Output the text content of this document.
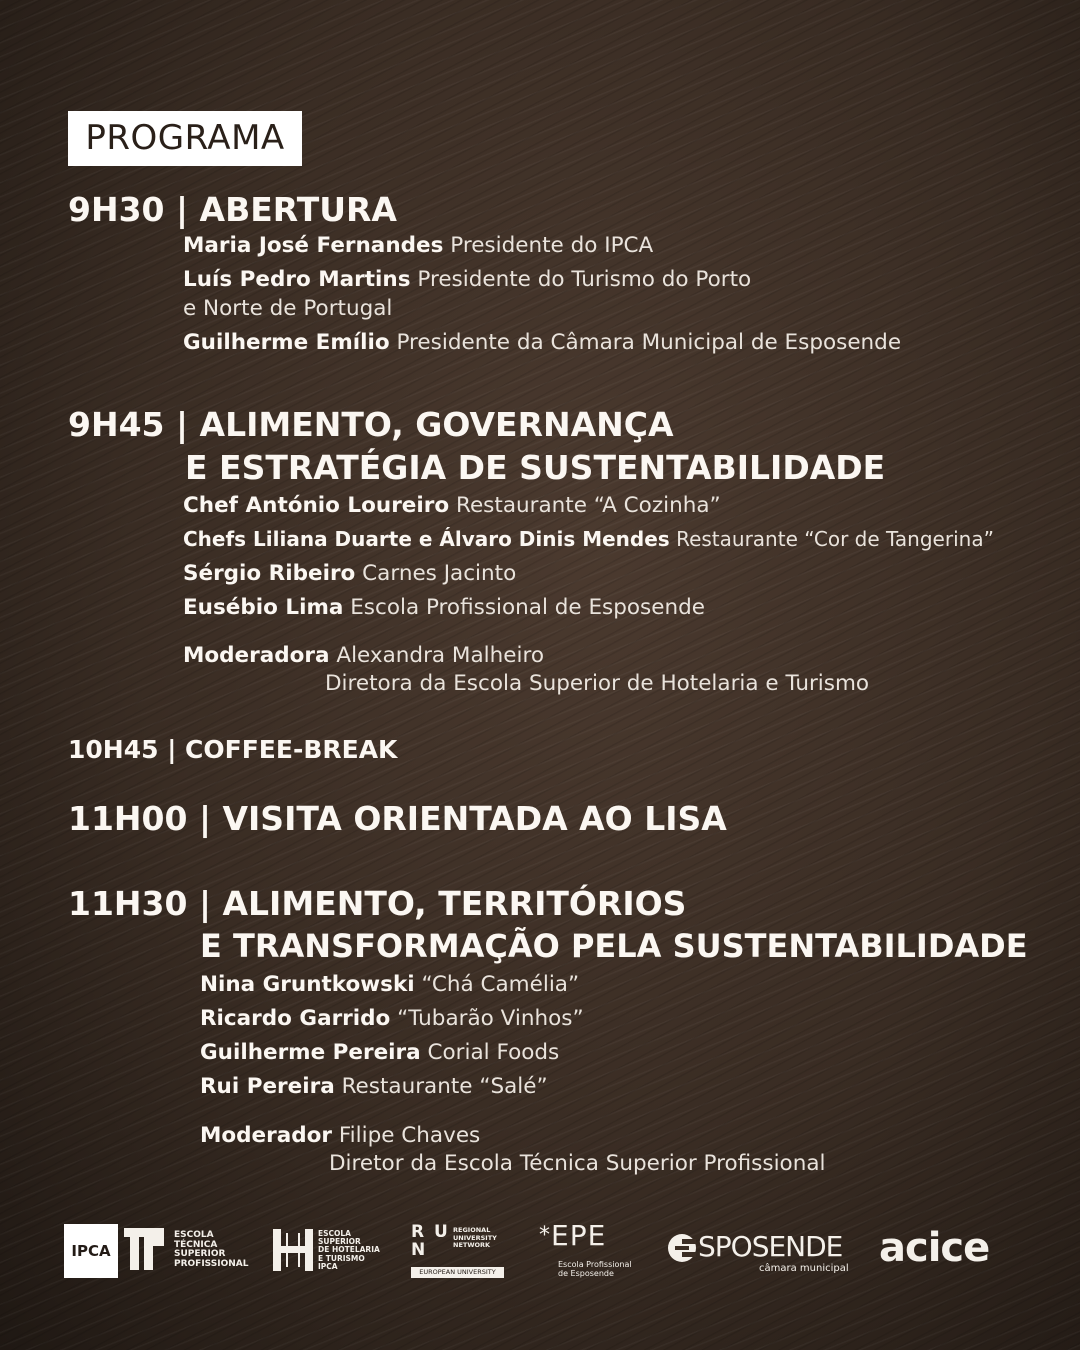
PROGRAMA
9H30 | ABERTURA
Maria José Fernandes Presidente do IPCA
Luís Pedro Martins Presidente do Turismo do Porto
e Norte de Portugal
Guilherme Emílio Presidente da Câmara Municipal de Esposende
9H45 | ALIMENTO, GOVERNANÇA
E ESTRATÉGIA DE SUSTENTABILIDADE
Chef António Loureiro Restaurante “A Cozinha”
Chefs Liliana Duarte e Álvaro Dinis Mendes Restaurante “Cor de Tangerina”
Sérgio Ribeiro Carnes Jacinto
Eusébio Lima Escola Profissional de Esposende
Moderadora Alexandra Malheiro
Diretora da Escola Superior de Hotelaria e Turismo
10H45 | COFFEE-BREAK
11H00 | VISITA ORIENTADA AO LISA
11H30 | ALIMENTO, TERRITÓRIOS
E TRANSFORMAÇÃO PELA SUSTENTABILIDADE
Nina Gruntkowski “Chá Camélia”
Ricardo Garrido “Tubarão Vinhos”
Guilherme Pereira Corial Foods
Rui Pereira Restaurante “Salé”
Moderador Filipe Chaves
Diretor da Escola Técnica Superior Profissional
IPCA
ESCOLA
TÉCNICA
SUPERIOR
PROFISSIONAL
ESCOLA
SUPERIOR
DE HOTELARIA
E TURISMO
IPCA
R U N
REGIONAL
UNIVERSITY
NETWORK
EUROPEAN UNIVERSITY
*EPE
Escola Profissional
de Esposende
SPOSENDE
câmara municipal acice
